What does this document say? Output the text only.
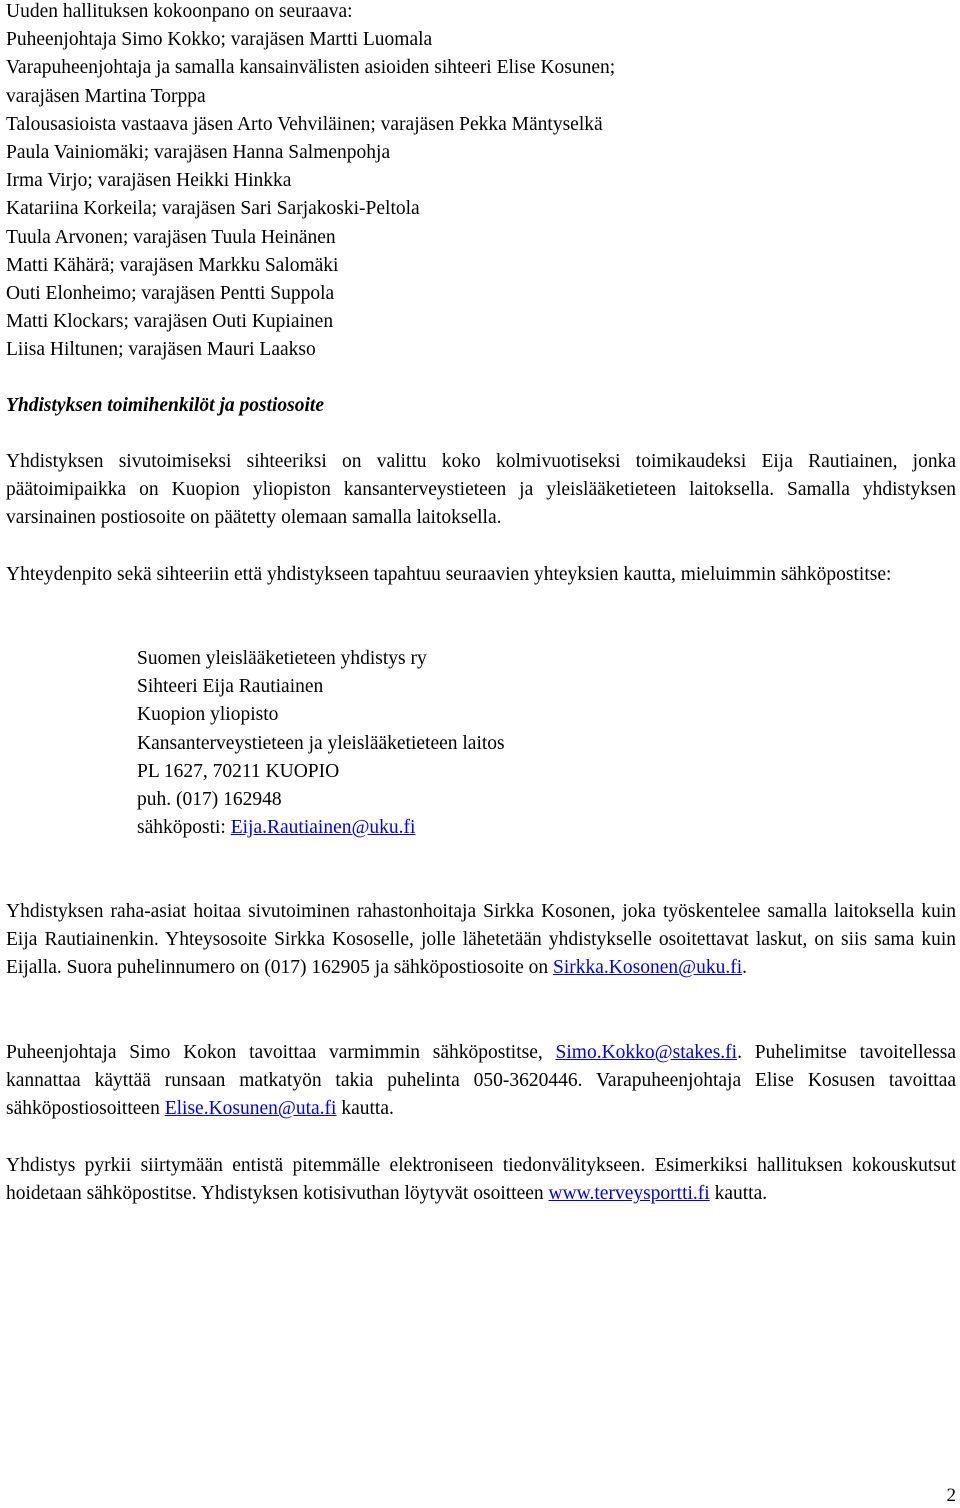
Uuden hallituksen kokoonpano on seuraava:
Puheenjohtaja Simo Kokko; varajäsen Martti Luomala
Varapuheenjohtaja ja samalla kansainvälisten asioiden sihteeri Elise Kosunen;
varajäsen Martina Torppa
Talousasioista vastaava jäsen Arto Vehviläinen; varajäsen Pekka Mäntyselkä
Paula Vainiomäki; varajäsen Hanna Salmenpohja
Irma Virjo; varajäsen Heikki Hinkka
Katariina Korkeila; varajäsen Sari Sarjakoski-Peltola
Tuula Arvonen; varajäsen Tuula Heinänen
Matti Kähärä; varajäsen Markku Salomäki
Outi Elonheimo; varajäsen Pentti Suppola
Matti Klockars; varajäsen Outi Kupiainen
Liisa Hiltunen; varajäsen Mauri Laakso
Yhdistyksen toimihenkilöt ja postiosoite

Yhdistyksen sivutoimiseksi sihteeriksi on valittu koko kolmivuotiseksi toimikaudeksi Eija Rautiainen, jonka päätoimipaikka on Kuopion yliopiston kansanterveystieteen ja yleislääketieteen laitoksella. Samalla yhdistyksen varsinainen postiosoite on päätetty olemaan samalla laitoksella.

Yhteydenpito sekä sihteeriin että yhdistykseen tapahtuu seuraavien yhteyksien kautta, mieluimmin sähköpostitse:

Suomen yleislääketieteen yhdistys ry
Sihteeri Eija Rautiainen
Kuopion yliopisto
Kansanterveystieteen ja yleislääketieteen laitos
PL 1627, 70211 KUOPIO
puh. (017) 162948
sähköposti: Eija.Rautiainen@uku.fi

Yhdistyksen raha-asiat hoitaa sivutoiminen rahastonhoitaja Sirkka Kosonen, joka työskentelee samalla laitoksella kuin Eija Rautiainenkin. Yhteysosoite Sirkka Kososelle, jolle lähetetään yhdistykselle osoitettavat laskut, on siis sama kuin Eijalla. Suora puhelinnumero on (017) 162905 ja sähköpostiosoite on Sirkka.Kosonen@uku.fi.

Puheenjohtaja Simo Kokon tavoittaa varmimmin sähköpostitse, Simo.Kokko@stakes.fi. Puhelimitse tavoitellessa kannattaa käyttää runsaan matkatyön takia puhelinta 050-3620446. Varapuheenjohtaja Elise Kosusen tavoittaa sähköpostiosoitteen Elise.Kosunen@uta.fi kautta.

Yhdistys pyrkii siirtymään entistä pitemmälle elektroniseen tiedonvälitykseen. Esimerkiksi hallituksen kokouskutsut hoidetaan sähköpostitse. Yhdistyksen kotisivuthan löytyvät osoitteen www.terveysportti.fi kautta.

2
